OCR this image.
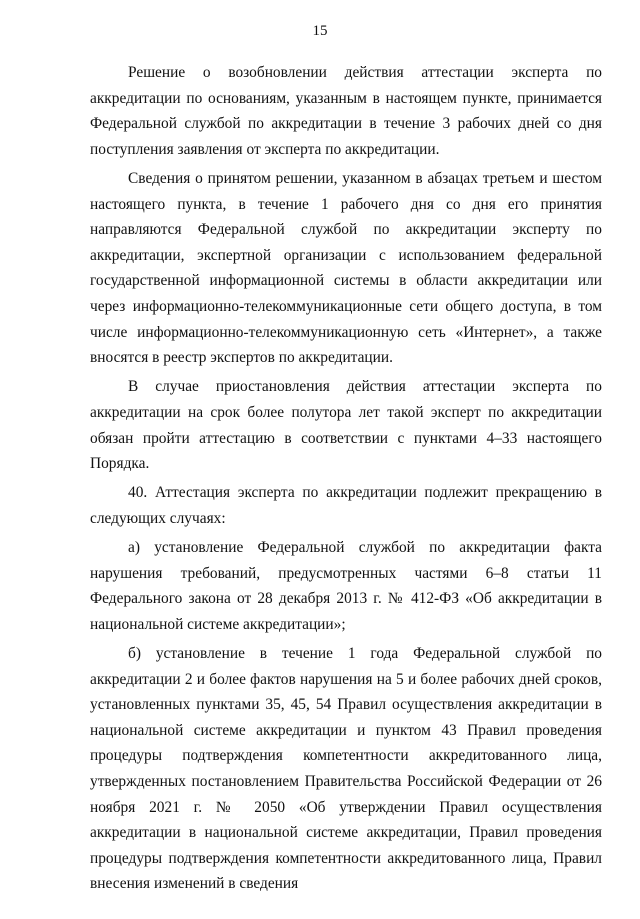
15

Решение о возобновлении действия аттестации эксперта по аккредитации по основаниям, указанным в настоящем пункте, принимается Федеральной службой по аккредитации в течение 3 рабочих дней со дня поступления заявления от эксперта по аккредитации.

Сведения о принятом решении, указанном в абзацах третьем и шестом настоящего пункта, в течение 1 рабочего дня со дня его принятия направляются Федеральной службой по аккредитации эксперту по аккредитации, экспертной организации с использованием федеральной государственной информационной системы в области аккредитации или через информационно-телекоммуникационные сети общего доступа, в том числе информационно-телекоммуникационную сеть «Интернет», а также вносятся в реестр экспертов по аккредитации.

В случае приостановления действия аттестации эксперта по аккредитации на срок более полутора лет такой эксперт по аккредитации обязан пройти аттестацию в соответствии с пунктами 4–33 настоящего Порядка.

40. Аттестация эксперта по аккредитации подлежит прекращению в следующих случаях:

а) установление Федеральной службой по аккредитации факта нарушения требований, предусмотренных частями 6–8 статьи 11 Федерального закона от 28 декабря 2013 г. № 412-ФЗ «Об аккредитации в национальной системе аккредитации»;

б) установление в течение 1 года Федеральной службой по аккредитации 2 и более фактов нарушения на 5 и более рабочих дней сроков, установленных пунктами 35, 45, 54 Правил осуществления аккредитации в национальной системе аккредитации и пунктом 43 Правил проведения процедуры подтверждения компетентности аккредитованного лица, утвержденных постановлением Правительства Российской Федерации от 26 ноября 2021 г. № 2050 «Об утверждении Правил осуществления аккредитации в национальной системе аккредитации, Правил проведения процедуры подтверждения компетентности аккредитованного лица, Правил внесения изменений в сведения
